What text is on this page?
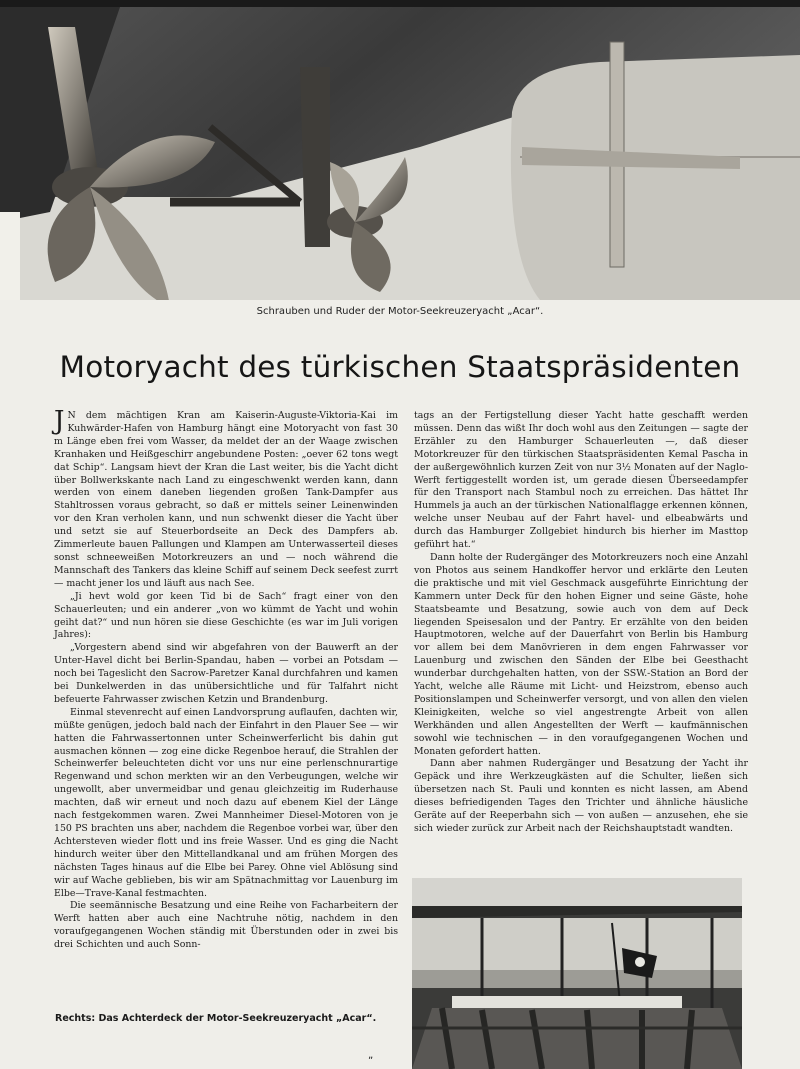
Schrauben und Ruder der Motor-Seekreuzeryacht „Acar“.
Motoryacht des türkischen Staatspräsidenten

J N dem mächtigen Kran am Kaiserin-Auguste-Viktoria-Kai im Kuhwärder-Hafen von Hamburg hängt eine Motoryacht von fast 30 m Länge eben frei vom Wasser, da meldet der an der Waage zwischen Kranhaken und Heißgeschirr angebundene Posten: „oever 62 tons wegt dat Schip“. Langsam hievt der Kran die Last weiter, bis die Yacht dicht über Bollwerkskante nach Land zu eingeschwenkt werden kann, dann werden von einem daneben liegenden großen Tank-Dampfer aus Stahltrossen voraus gebracht, so daß er mittels seiner Leinenwinden vor den Kran verholen kann, und nun schwenkt dieser die Yacht über und setzt sie auf Steuerbordseite an Deck des Dampfers ab. Zimmerleute bauen Pallungen und Klampen am Unterwasserteil dieses sonst schneeweißen Motorkreuzers an und — noch während die Mannschaft des Tankers das kleine Schiff auf seinem Deck seefest zurrt — macht jener los und läuft aus nach See.

„Ji hevt wold gor keen Tid bi de Sach“ fragt einer von den Schauerleuten; und ein anderer „von wo kümmt de Yacht und wohin geiht dat?“ und nun hören sie diese Geschichte (es war im Juli vorigen Jahres):

„Vorgestern abend sind wir abgefahren von der Bauwerft an der Unter-Havel dicht bei Berlin-Spandau, haben — vorbei an Potsdam — noch bei Tageslicht den Sacrow-Paretzer Kanal durchfahren und kamen bei Dunkelwerden in das unübersichtliche und für Talfahrt nicht befeuerte Fahrwasser zwischen Ketzin und Brandenburg.

Einmal stevenrecht auf einen Landvorsprung auflaufen, dachten wir, müßte genügen, jedoch bald nach der Einfahrt in den Plauer See — wir hatten die Fahrwassertonnen unter Scheinwerferlicht bis dahin gut ausmachen können — zog eine dicke Regenboe herauf, die Strahlen der Scheinwerfer beleuchteten dicht vor uns nur eine perlenschnurartige Regenwand und schon merkten wir an den Verbeugungen, welche wir ungewollt, aber unvermeidbar und genau gleichzeitig im Ruderhause machten, daß wir erneut und noch dazu auf ebenem Kiel der Länge nach festgekommen waren. Zwei Mannheimer Diesel-Motoren von je 150 PS brachten uns aber, nachdem die Regenboe vorbei war, über den Achtersteven wieder flott und ins freie Wasser. Und es ging die Nacht hindurch weiter über den Mittellandkanal und am frühen Morgen des nächsten Tages hinaus auf die Elbe bei Parey. Ohne viel Ablösung sind wir auf Wache geblieben, bis wir am Spätnachmittag vor Lauenburg im Elbe—Trave-Kanal festmachten.

Die seemännische Besatzung und eine Reihe von Facharbeitern der Werft hatten aber auch eine Nachtruhe nötig, nachdem in den voraufgegangenen Wochen ständig mit Überstunden oder in zwei bis drei Schichten und auch Sonn-

tags an der Fertigstellung dieser Yacht hatte geschafft werden müssen. Denn das wißt Ihr doch wohl aus den Zeitungen — sagte der Erzähler zu den Hamburger Schauerleuten —, daß dieser Motorkreuzer für den türkischen Staatspräsidenten Kemal Pascha in der außergewöhnlich kurzen Zeit von nur 3½ Monaten auf der Naglo-Werft fertiggestellt worden ist, um gerade diesen Überseedampfer für den Transport nach Stambul noch zu erreichen. Das hättet Ihr Hummels ja auch an der türkischen Nationalflagge erkennen können, welche unser Neubau auf der Fahrt havel- und elbeabwärts und durch das Hamburger Zollgebiet hindurch bis hierher im Masttop geführt hat.“

Dann holte der Rudergänger des Motorkreuzers noch eine Anzahl von Photos aus seinem Handkoffer hervor und erklärte den Leuten die praktische und mit viel Geschmack ausgeführte Einrichtung der Kammern unter Deck für den hohen Eigner und seine Gäste, hohe Staatsbeamte und Besatzung, sowie auch von dem auf Deck liegenden Speisesalon und der Pantry. Er erzählte von den beiden Hauptmotoren, welche auf der Dauerfahrt von Berlin bis Hamburg vor allem bei dem Manövrieren in dem engen Fahrwasser vor Lauenburg und zwischen den Sänden der Elbe bei Geesthacht wunderbar durchgehalten hatten, von der SSW.-Station an Bord der Yacht, welche alle Räume mit Licht- und Heizstrom, ebenso auch Positionslampen und Scheinwerfer versorgt, und von allen den vielen Kleinigkeiten, welche so viel angestrengte Arbeit von allen Werkhänden und allen Angestellten der Werft — kaufmännischen sowohl wie technischen — in den voraufgegangenen Wochen und Monaten gefordert hatten.

Dann aber nahmen Rudergänger und Besatzung der Yacht ihr Gepäck und ihre Werkzeugkästen auf die Schulter, ließen sich übersetzen nach St. Pauli und konnten es nicht lassen, am Abend dieses befriedigenden Tages den Trichter und ähnliche häusliche Geräte auf der Reeperbahn sich — von außen — anzusehen, ehe sie sich wieder zurück zur Arbeit nach der Reichshauptstadt wandten.

Rechts: Das Achterdeck der Motor-Seekreuzeryacht „Acar“.
„
